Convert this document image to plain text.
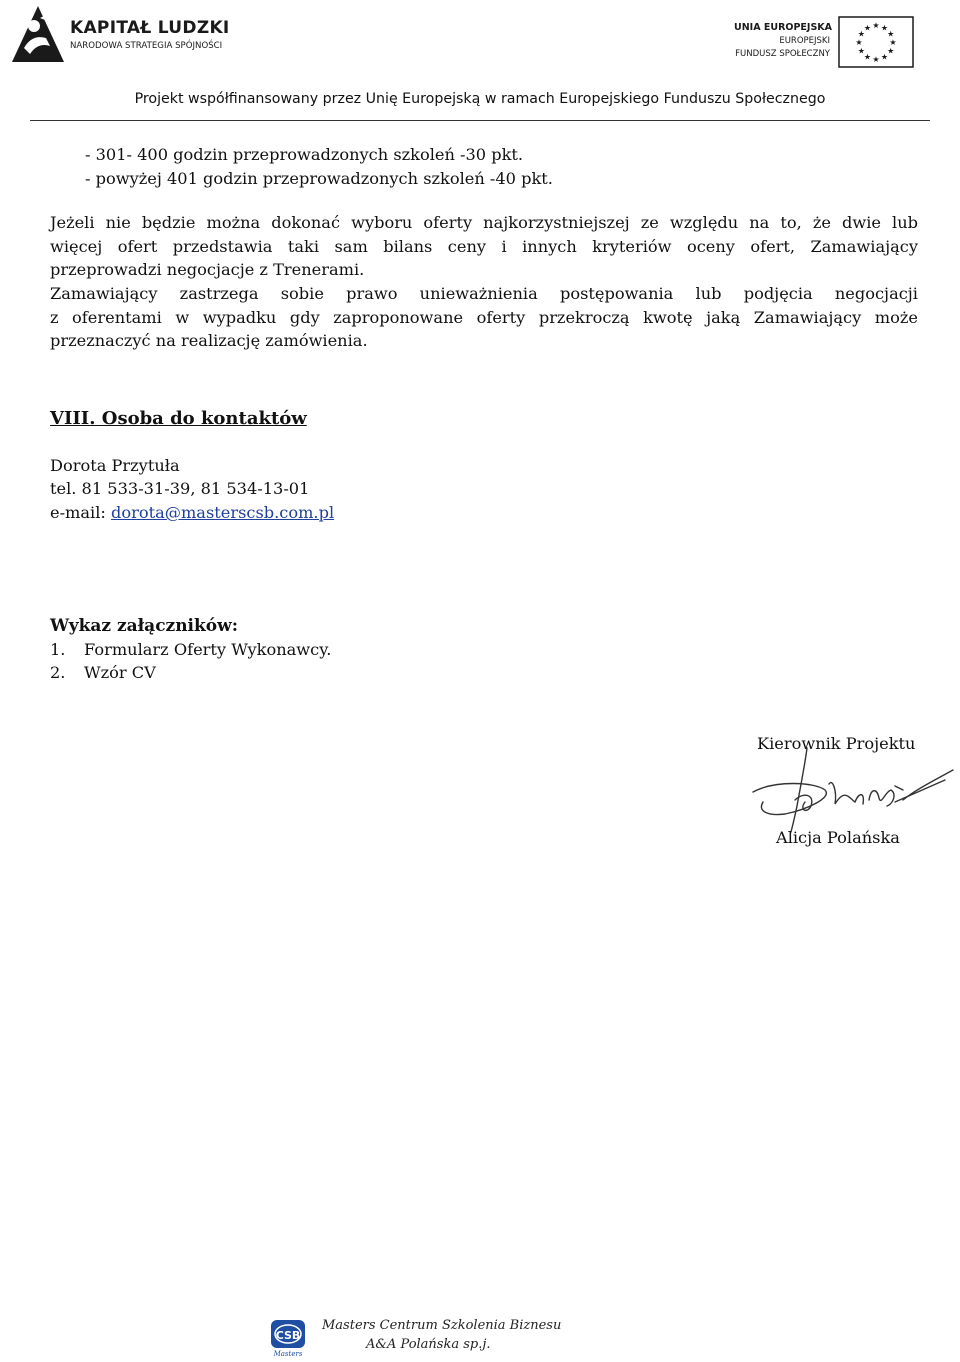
KAPITAŁ LUDZKI
NARODOWA STRATEGIA SPÓJNOŚCI
UNIA EUROPEJSKA
EUROPEJSKI
FUNDUSZ SPOŁECZNY
★
★
★
★
★
★
★
★
★ ★ ★
★
Projekt współfinansowany przez Unię Europejską w ramach Europejskiego Funduszu Społecznego
- 301- 400 godzin przeprowadzonych szkoleń -30 pkt.
- powyżej 401 godzin przeprowadzonych szkoleń -40 pkt.
Jeżeli nie będzie można dokonać wyboru oferty najkorzystniejszej ze względu na to, że dwie lub
więcej ofert przedstawia taki sam bilans ceny i innych kryteriów oceny ofert, Zamawiający
przeprowadzi negocjacje z Trenerami.
Zamawiający zastrzega sobie prawo unieważnienia postępowania lub podjęcia negocjacji
z oferentami w wypadku gdy zaproponowane oferty przekroczą kwotę jaką Zamawiający może
przeznaczyć na realizację zamówienia.
VIII. Osoba do kontaktów
Dorota Przytuła
tel. 81 533-31-39, 81 534-13-01
e-mail: dorota@masterscsb.com.pl
Wykaz załączników:
1. Formularz Oferty Wykonawcy.
2. Wzór CV
Kierownik Projektu
Alicja Polańska
CSB
Masters
Masters Centrum Szkolenia Biznesu
A&A Polańska sp.j.
